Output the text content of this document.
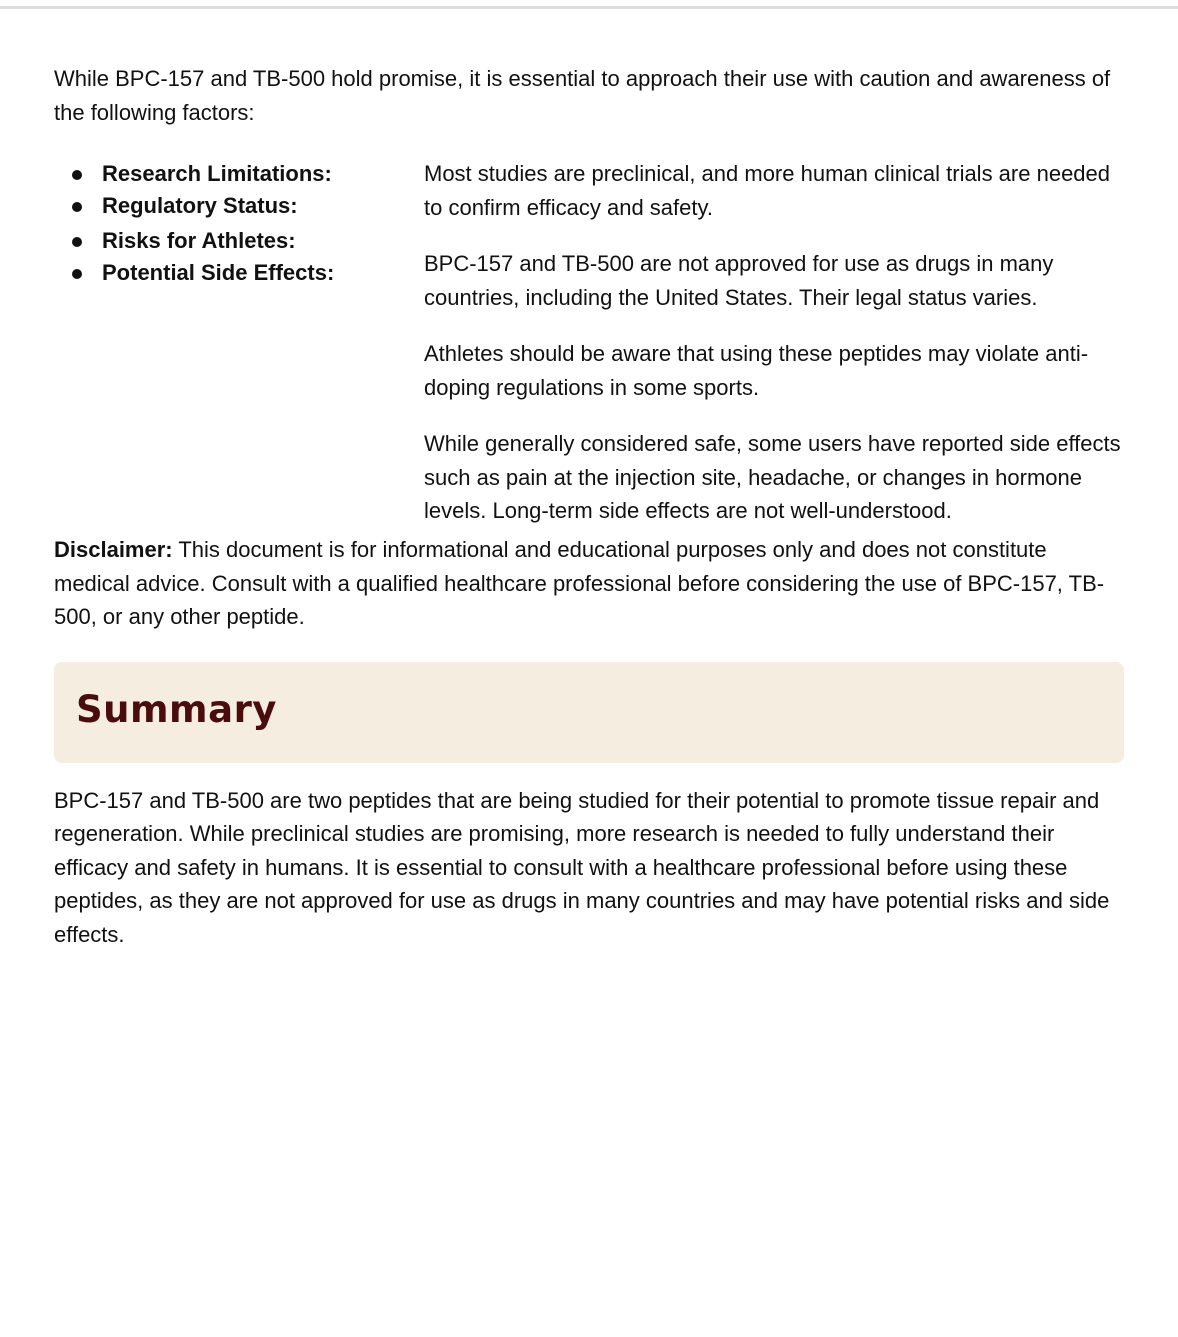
While BPC-157 and TB-500 hold promise, it is essential to approach their use with caution and awareness of the following factors:

Research Limitations:
Regulatory Status:
Risks for Athletes:
Potential Side Effects:

Most studies are preclinical, and more human clinical trials are needed to confirm efficacy and safety.

BPC-157 and TB-500 are not approved for use as drugs in many countries, including the United States. Their legal status varies.

Athletes should be aware that using these peptides may violate anti-doping regulations in some sports.

While generally considered safe, some users have reported side effects such as pain at the injection site, headache, or changes in hormone levels. Long-term side effects are not well-understood.

Disclaimer: This document is for informational and educational purposes only and does not constitute medical advice. Consult with a qualified healthcare professional before considering the use of BPC-157, TB-500, or any other peptide.

Summary

BPC-157 and TB-500 are two peptides that are being studied for their potential to promote tissue repair and regeneration. While preclinical studies are promising, more research is needed to fully understand their efficacy and safety in humans. It is essential to consult with a healthcare professional before using these peptides, as they are not approved for use as drugs in many countries and may have potential risks and side effects.
